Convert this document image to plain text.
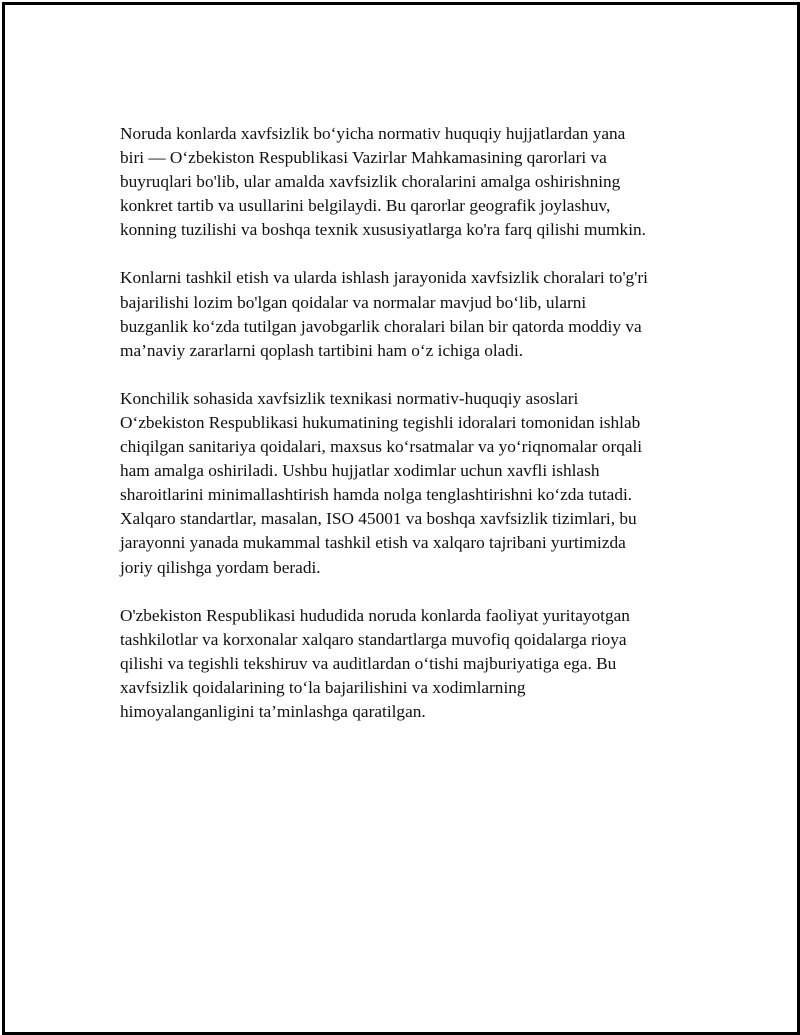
Noruda konlarda xavfsizlik bo‘yicha normativ huquqiy hujjatlardan yana
biri — O‘zbekiston Respublikasi Vazirlar Mahkamasining qarorlari va
buyruqlari bo'lib, ular amalda xavfsizlik choralarini amalga oshirishning
konkret tartib va usullarini belgilaydi. Bu qarorlar geografik joylashuv,
konning tuzilishi va boshqa texnik xususiyatlarga ko'ra farq qilishi mumkin.

Konlarni tashkil etish va ularda ishlash jarayonida xavfsizlik choralari to'g'ri
bajarilishi lozim bo'lgan qoidalar va normalar mavjud bo‘lib, ularni
buzganlik ko‘zda tutilgan javobgarlik choralari bilan bir qatorda moddiy va
ma’naviy zararlarni qoplash tartibini ham o‘z ichiga oladi.

Konchilik sohasida xavfsizlik texnikasi normativ-huquqiy asoslari
O‘zbekiston Respublikasi hukumatining tegishli idoralari tomonidan ishlab
chiqilgan sanitariya qoidalari, maxsus ko‘rsatmalar va yo‘riqnomalar orqali
ham amalga oshiriladi. Ushbu hujjatlar xodimlar uchun xavfli ishlash
sharoitlarini minimallashtirish hamda nolga tenglashtirishni ko‘zda tutadi.
Xalqaro standartlar, masalan, ISO 45001 va boshqa xavfsizlik tizimlari, bu
jarayonni yanada mukammal tashkil etish va xalqaro tajribani yurtimizda
joriy qilishga yordam beradi.

O'zbekiston Respublikasi hududida noruda konlarda faoliyat yuritayotgan
tashkilotlar va korxonalar xalqaro standartlarga muvofiq qoidalarga rioya
qilishi va tegishli tekshiruv va auditlardan o‘tishi majburiyatiga ega. Bu
xavfsizlik qoidalarining to‘la bajarilishini va xodimlarning
himoyalanganligini ta’minlashga qaratilgan.
